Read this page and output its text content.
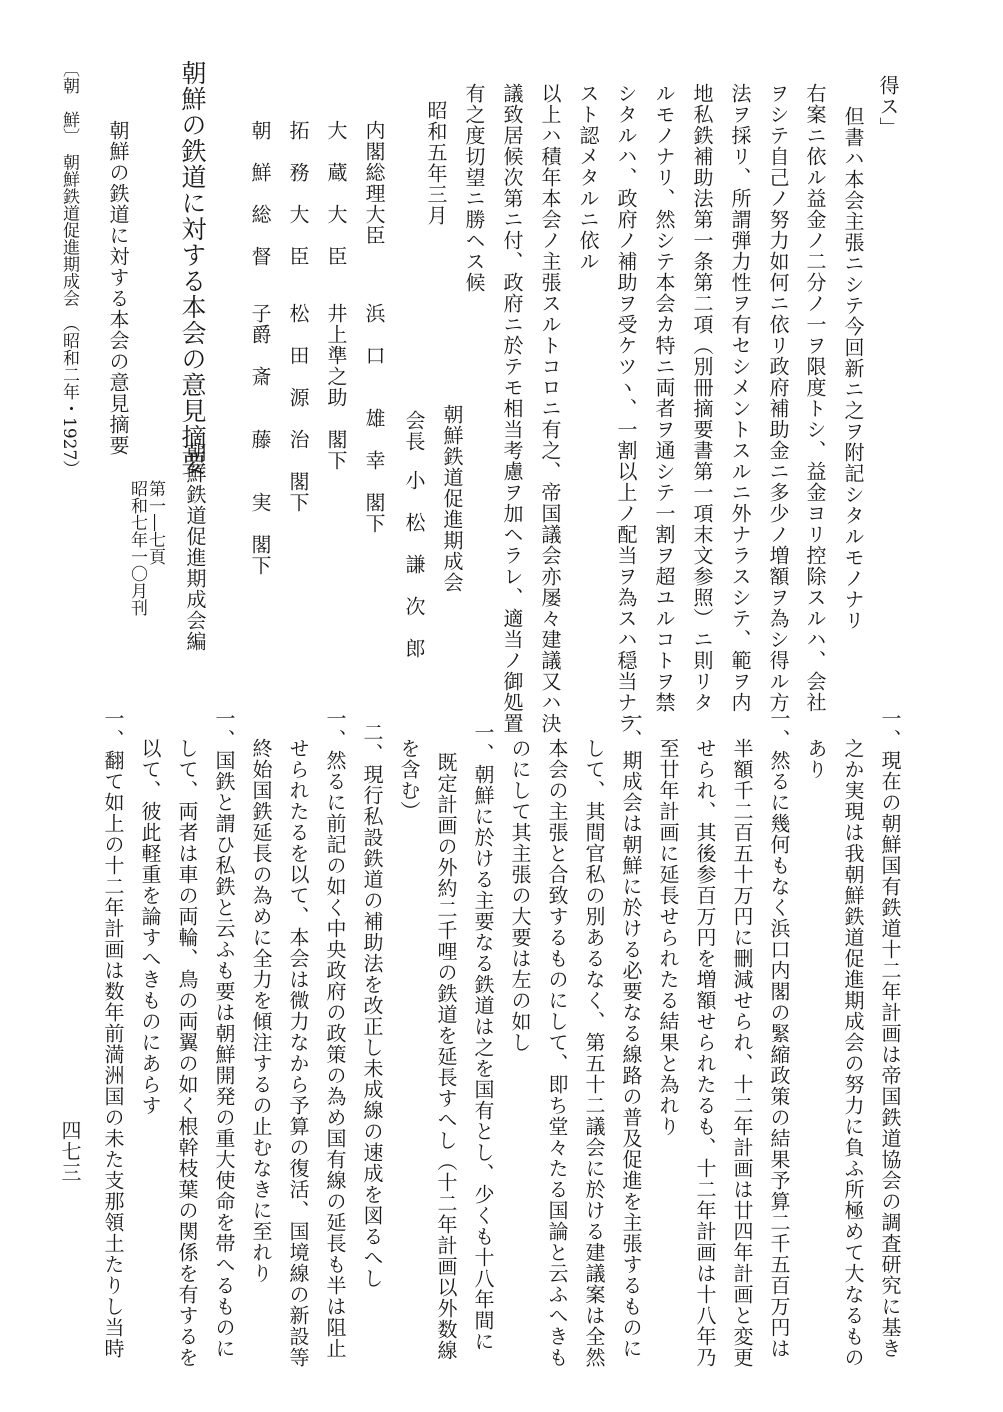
得ス」
但書ハ本会主張ニシテ今回新ニ之ヲ附記シタルモノナリ
右案ニ依ル益金ノ二分ノ一ヲ限度トシ、益金ヨリ控除スルハ、会社
ヲシテ自己ノ努力如何ニ依リ政府補助金ニ多少ノ増額ヲ為シ得ル方
法ヲ採リ、所謂弾力性ヲ有セシメントスルニ外ナラスシテ、範ヲ内
地私鉄補助法第一条第二項（別冊摘要書第一項末文参照）ニ則リタ
ルモノナリ、然シテ本会カ特ニ両者ヲ通シテ一割ヲ超ユルコトヲ禁
シタルハ、政府ノ補助ヲ受ケツヽ、一割以上ノ配当ヲ為スハ穏当ナラ
スト認メタルニ依ル
以上ハ積年本会ノ主張スルトコロニ有之、帝国議会亦屡々建議又ハ決
議致居候次第ニ付、政府ニ於テモ相当考慮ヲ加ヘラレ、適当ノ御処置
有之度切望ニ勝ヘス候
昭和五年三月
朝鮮鉄道促進期成会
会長
小　松　謙　次　郎
内閣総理大臣
浜　口　　雄　幸　閣下
大　蔵　大　臣
井上準之助　閣下
拓　務　大　臣
松　田　源　治　閣下
朝　鮮　総　督
子爵　斎　　藤　　実　閣下
朝鮮の鉄道に対する本会の意見摘要
朝鮮鉄道促進期成会編
第一―七頁
昭和七年一〇月刊
朝鮮の鉄道に対する本会の意見摘要
〔朝　鮮〕　朝鮮鉄道促進期成会　（昭和二年・1927）
一、現在の朝鮮国有鉄道十二年計画は帝国鉄道協会の調査研究に基き
之か実現は我朝鮮鉄道促進期成会の努力に負ふ所極めて大なるもの
あり
一、然るに幾何もなく浜口内閣の緊縮政策の結果予算二千五百万円は
半額千二百五十万円に刪減せられ、十二年計画は廿四年計画と変更
せられ、其後参百万円を増額せられたるも、十二年計画は十八年乃
至廿年計画に延長せられたる結果と為れり
一、期成会は朝鮮に於ける必要なる線路の普及促進を主張するものに
して、其間官私の別あるなく、第五十二議会に於ける建議案は全然
本会の主張と合致するものにして、即ち堂々たる国論と云ふへきも
のにして其主張の大要は左の如し
一、朝鮮に於ける主要なる鉄道は之を国有とし、少くも十八年間に
既定計画の外約二千哩の鉄道を延長すへし（十二年計画以外数線
を含む）
二、現行私設鉄道の補助法を改正し未成線の速成を図るへし
一、然るに前記の如く中央政府の政策の為め国有線の延長も半は阻止
せられたるを以て、本会は微力なから予算の復活、国境線の新設等
終始国鉄延長の為めに全力を傾注するの止むなきに至れり
一、国鉄と謂ひ私鉄と云ふも要は朝鮮開発の重大使命を帯へるものに
して、両者は車の両輪、鳥の両翼の如く根幹枝葉の関係を有するを
以て、彼此軽重を論すへきものにあらす
一、翻て如上の十二年計画は数年前満洲国の未た支那領土たりし当時
四七三
